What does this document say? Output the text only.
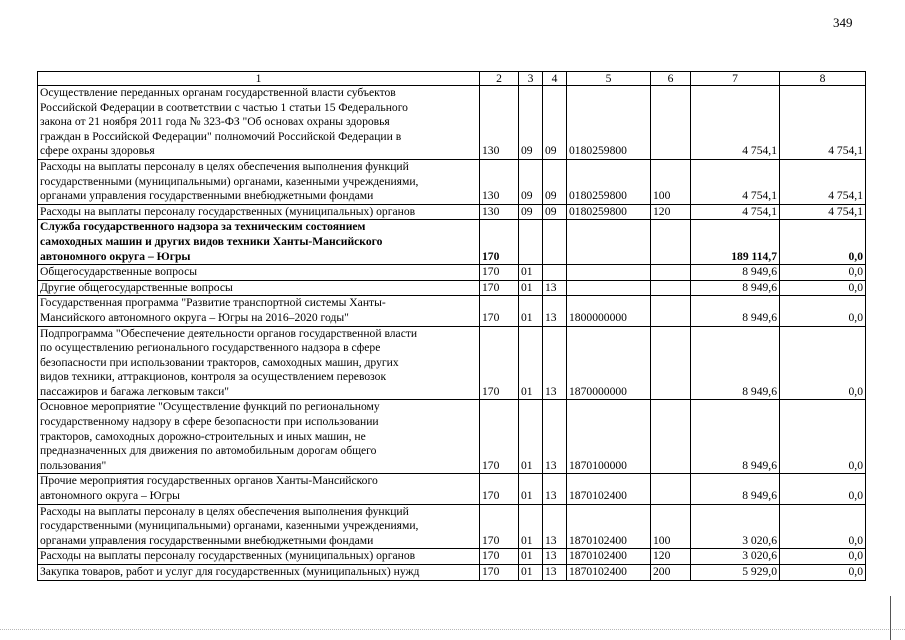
349
1	2	3	4	5	6	7	8

Осуществление переданных органам государственной власти субъектов
Российской Федерации в соответствии с частью 1 статьи 15 Федерального
закона от 21 ноября 2011 года № 323-ФЗ "Об основах охраны здоровья
граждан в Российской Федерации" полномочий Российской Федерации в
сфере охраны здоровья	130	09	09	0180259800		4 754,1	4 754,1

Расходы на выплаты персоналу в целях обеспечения выполнения функций
государственными (муниципальными) органами, казенными учреждениями,
органами управления государственными внебюджетными фондами	130	09	09	0180259800	100	4 754,1	4 754,1

Расходы на выплаты персоналу государственных (муниципальных) органов	130	09	09	0180259800	120	4 754,1	4 754,1

Служба государственного надзора за техническим состоянием
самоходных машин и других видов техники Ханты-Мансийского
автономного округа – Югры	170					189 114,7	0,0

Общегосударственные вопросы	170	01				8 949,6	0,0

Другие общегосударственные вопросы	170	01	13			8 949,6	0,0

Государственная программа "Развитие транспортной системы Ханты-
Мансийского автономного округа – Югры на 2016–2020 годы"	170	01	13	1800000000		8 949,6	0,0

Подпрограмма "Обеспечение деятельности органов государственной власти
по осуществлению регионального государственного надзора в сфере
безопасности при использовании тракторов, самоходных машин, других
видов техники, аттракционов, контроля за осуществлением перевозок
пассажиров и багажа легковым такси"	170	01	13	1870000000		8 949,6	0,0

Основное мероприятие "Осуществление функций по региональному
государственному надзору в сфере безопасности при использовании
тракторов, самоходных дорожно-строительных и иных машин, не
предназначенных для движения по автомобильным дорогам общего
пользования"	170	01	13	1870100000		8 949,6	0,0

Прочие мероприятия государственных органов Ханты-Мансийского
автономного округа – Югры	170	01	13	1870102400		8 949,6	0,0

Расходы на выплаты персоналу в целях обеспечения выполнения функций
государственными (муниципальными) органами, казенными учреждениями,
органами управления государственными внебюджетными фондами	170	01	13	1870102400	100	3 020,6	0,0

Расходы на выплаты персоналу государственных (муниципальных) органов	170	01	13	1870102400	120	3 020,6	0,0

Закупка товаров, работ и услуг для государственных (муниципальных) нужд	170	01	13	1870102400	200	5 929,0	0,0
